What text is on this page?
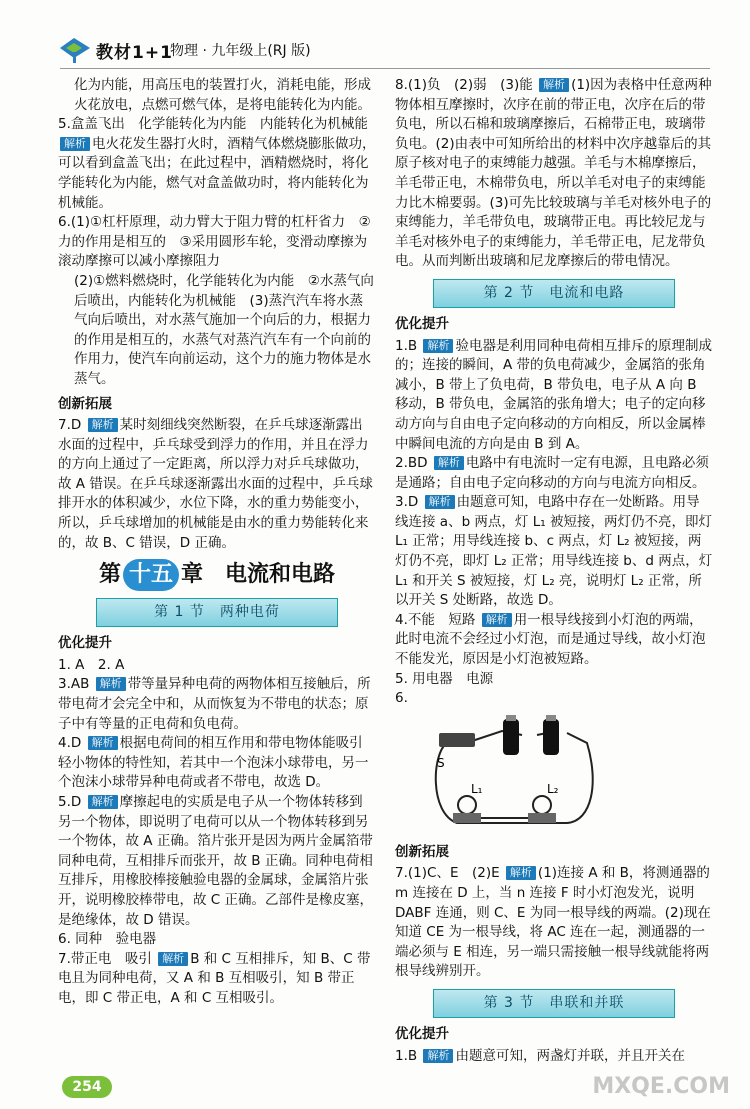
教材1+1
物理 · 九年级上(RJ 版)
化为内能，用高压电的装置打火，消耗电能，形成火花放电，点燃可燃气体，是将电能转化为内能。
5.盒盖飞出　化学能转化为内能　内能转化为机械能 解析 电火花发生器打火时，酒精气体燃烧膨胀做功，可以看到盒盖飞出；在此过程中，酒精燃烧时，将化学能转化为内能，燃气对盒盖做功时，将内能转化为机械能。
6.(1)①杠杆原理，动力臂大于阻力臂的杠杆省力　②力的作用是相互的　③采用圆形车轮，变滑动摩擦为滚动摩擦可以减小摩擦阻力
(2)①燃料燃烧时，化学能转化为内能　②水蒸气向后喷出，内能转化为机械能　(3)蒸汽汽车将水蒸气向后喷出，对水蒸气施加一个向后的力，根据力的作用是相互的，水蒸气对蒸汽汽车有一个向前的作用力，使汽车向前运动，这个力的施力物体是水蒸气。
创新拓展
7.D 解析 某时刻细线突然断裂，在乒乓球逐渐露出水面的过程中，乒乓球受到浮力的作用，并且在浮力的方向上通过了一定距离，所以浮力对乒乓球做功，故 A 错误。在乒乓球逐渐露出水面的过程中，乒乓球排开水的体积减少，水位下降，水的重力势能变小，所以，乒乓球增加的机械能是由水的重力势能转化来的，故 B、C 错误，D 正确。
第 十五 章　电流和电路
第 1 节　两种电荷
优化提升
1. A　2. A
3.AB 解析 带等量异种电荷的两物体相互接触后，所带电荷才会完全中和，从而恢复为不带电的状态；原子中有等量的正电荷和负电荷。
4.D 解析 根据电荷间的相互作用和带电物体能吸引轻小物体的特性知，若其中一个泡沫小球带电，另一个泡沫小球带异种电荷或者不带电，故选 D。
5.D 解析 摩擦起电的实质是电子从一个物体转移到另一个物体，即说明了电荷可以从一个物体转移到另一个物体，故 A 正确。箔片张开是因为两片金属箔带同种电荷，互相排斥而张开，故 B 正确。同种电荷相互排斥，用橡胶棒接触验电器的金属球，金属箔片张开，说明橡胶棒带电，故 C 正确。乙部件是橡皮塞，是绝缘体，故 D 错误。
6. 同种　验电器
7.带正电　吸引 解析 B 和 C 互相排斥，知 B、C 带电且为同种电荷，又 A 和 B 互相吸引，知 B 带正电，即 C 带正电，A 和 C 互相吸引。
8.(1)负　(2)弱　(3)能 解析 (1)因为表格中任意两种物体相互摩擦时，次序在前的带正电，次序在后的带负电，所以石棉和玻璃摩擦后，石棉带正电，玻璃带负电。(2)由表中可知所给出的材料中次序越靠后的其原子核对电子的束缚能力越强。羊毛与木棉摩擦后，羊毛带正电，木棉带负电，所以羊毛对电子的束缚能力比木棉要弱。(3)可先比较玻璃与羊毛对核外电子的束缚能力，羊毛带负电，玻璃带正电。再比较尼龙与羊毛对核外电子的束缚能力，羊毛带正电，尼龙带负电。从而判断出玻璃和尼龙摩擦后的带电情况。
第 2 节　电流和电路
优化提升
1.B 解析 验电器是利用同种电荷相互排斥的原理制成的；连接的瞬间，A 带的负电荷减少，金属箔的张角减小，B 带上了负电荷，B 带负电，电子从 A 向 B 移动，B 带负电，金属箔的张角增大；电子的定向移动方向与自由电子定向移动的方向相反，所以金属棒中瞬间电流的方向是由 B 到 A。
2.BD 解析 电路中有电流时一定有电源，且电路必须是通路；自由电子定向移动的方向与电流方向相反。
3.D 解析 由题意可知，电路中存在一处断路。用导线连接 a、b 两点，灯 L₁ 被短接，两灯仍不亮，即灯 L₁ 正常；用导线连接 b、c 两点，灯 L₂ 被短接，两灯仍不亮，即灯 L₂ 正常；用导线连接 b、d 两点，灯 L₁ 和开关 S 被短接，灯 L₂ 亮，说明灯 L₂ 正常，所以开关 S 处断路，故选 D。
4.不能　短路 解析 用一根导线接到小灯泡的两端，此时电流不会经过小灯泡，而是通过导线，故小灯泡不能发光，原因是小灯泡被短路。
5. 用电器　电源
6.
S
L₁	L₂
创新拓展
7.(1)C、E　(2)E 解析 (1)连接 A 和 B，将测通器的 m 连接在 D 上，当 n 连接 F 时小灯泡发光，说明 DABF 连通，则 C、E 为同一根导线的两端。(2)现在知道 CE 为一根导线，将 AC 连在一起，测通器的一端必须与 E 相连，另一端只需接触一根导线就能将两根导线辨别开。
第 3 节　串联和并联
优化提升
1.B 解析 由题意可知，两盏灯并联，并且开关在
254	MXQE.COM
